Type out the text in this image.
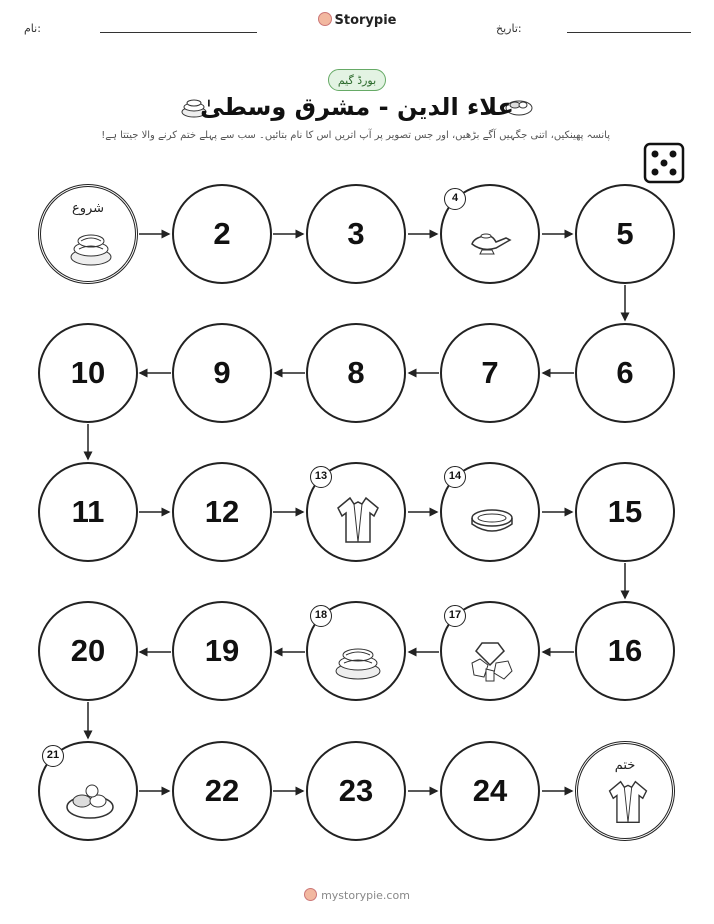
نام:	تاریخ:
Storypie
بورڈ گیم
علاء الدین - مشرق وسطیٰ
پانسہ پھینکیں، اتنی جگہیں آگے بڑھیں، اور جس تصویر پر آپ اتریں اس کا نام بتائیں۔ سب سے پہلے ختم کرنے والا جیتتا ہے!
شروع
2	3
4
5
6
7
8
9
10
11	12
13	14
15
16
17
18
19
20
21
22	23	24
ختم
mystorypie.com
